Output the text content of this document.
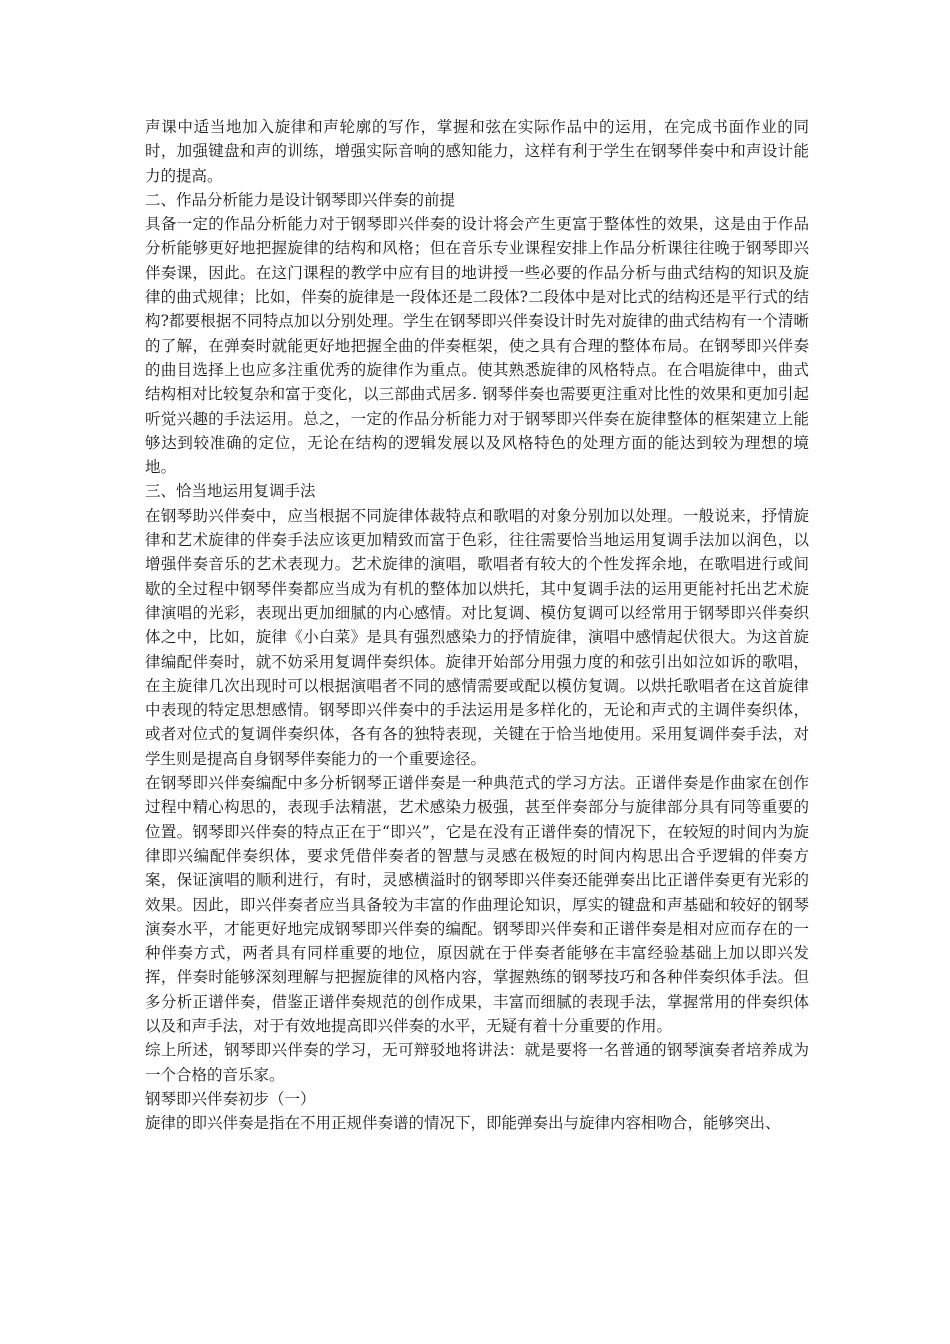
声课中适当地加入旋律和声轮廓的写作，掌握和弦在实际作品中的运用，在完成书面作业的同时，加强键盘和声的训练，增强实际音响的感知能力，这样有利于学生在钢琴伴奏中和声设计能力的提高。

二、作品分析能力是设计钢琴即兴伴奏的前提

具备一定的作品分析能力对于钢琴即兴伴奏的设计将会产生更富于整体性的效果，这是由于作品分析能够更好地把握旋律的结构和风格；但在音乐专业课程安排上作品分析课往往晚于钢琴即兴伴奏课，因此。在这门课程的教学中应有目的地讲授一些必要的作品分析与曲式结构的知识及旋律的曲式规律；比如，伴奏的旋律是一段体还是二段体?二段体中是对比式的结构还是平行式的结构?都要根据不同特点加以分别处理。学生在钢琴即兴伴奏设计时先对旋律的曲式结构有一个清晰的了解，在弹奏时就能更好地把握全曲的伴奏框架，使之具有合理的整体布局。在钢琴即兴伴奏的曲目选择上也应多注重优秀的旋律作为重点。使其熟悉旋律的风格特点。在合唱旋律中，曲式结构相对比较复杂和富于变化，以三部曲式居多. 钢琴伴奏也需要更注重对比性的效果和更加引起听觉兴趣的手法运用。总之，一定的作品分析能力对于钢琴即兴伴奏在旋律整体的框架建立上能够达到较准确的定位，无论在结构的逻辑发展以及风格特色的处理方面的能达到较为理想的境地。

三、恰当地运用复调手法

在钢琴助兴伴奏中，应当根据不同旋律体裁特点和歌唱的对象分别加以处理。一般说来，抒情旋律和艺术旋律的伴奏手法应该更加精致而富于色彩，往往需要恰当地运用复调手法加以润色，以增强伴奏音乐的艺术表现力。艺术旋律的演唱，歌唱者有较大的个性发挥余地，在歌唱进行或间歇的全过程中钢琴伴奏都应当成为有机的整体加以烘托，其中复调手法的运用更能衬托出艺术旋律演唱的光彩，表现出更加细腻的内心感情。对比复调、模仿复调可以经常用于钢琴即兴伴奏织体之中，比如，旋律《小白菜》是具有强烈感染力的抒情旋律，演唱中感情起伏很大。为这首旋律编配伴奏时，就不妨采用复调伴奏织体。旋律开始部分用强力度的和弦引出如泣如诉的歌唱，在主旋律几次出现时可以根据演唱者不同的感情需要或配以模仿复调。以烘托歌唱者在这首旋律中表现的特定思想感情。钢琴即兴伴奏中的手法运用是多样化的，无论和声式的主调伴奏织体，或者对位式的复调伴奏织体，各有各的独特表现，关键在于恰当地使用。采用复调伴奏手法，对学生则是提高自身钢琴伴奏能力的一个重要途径。

在钢琴即兴伴奏编配中多分析钢琴正谱伴奏是一种典范式的学习方法。正谱伴奏是作曲家在创作过程中精心构思的，表现手法精湛，艺术感染力极强，甚至伴奏部分与旋律部分具有同等重要的位置。钢琴即兴伴奏的特点正在于“即兴”，它是在没有正谱伴奏的情况下，在较短的时间内为旋律即兴编配伴奏织体，要求凭借伴奏者的智慧与灵感在极短的时间内构思出合乎逻辑的伴奏方案，保证演唱的顺利进行，有时，灵感横溢时的钢琴即兴伴奏还能弹奏出比正谱伴奏更有光彩的效果。因此，即兴伴奏者应当具备较为丰富的作曲理论知识，厚实的键盘和声基础和较好的钢琴演奏水平，才能更好地完成钢琴即兴伴奏的编配。钢琴即兴伴奏和正谱伴奏是相对应而存在的一种伴奏方式，两者具有同样重要的地位，原因就在于伴奏者能够在丰富经验基础上加以即兴发挥，伴奏时能够深刻理解与把握旋律的风格内容，掌握熟练的钢琴技巧和各种伴奏织体手法。但多分析正谱伴奏，借鉴正谱伴奏规范的创作成果，丰富而细腻的表现手法，掌握常用的伴奏织体以及和声手法，对于有效地提高即兴伴奏的水平，无疑有着十分重要的作用。

综上所述，钢琴即兴伴奏的学习，无可辩驳地将讲法：就是要将一名普通的钢琴演奏者培养成为一个合格的音乐家。

钢琴即兴伴奏初步（一）

旋律的即兴伴奏是指在不用正规伴奏谱的情况下，即能弹奏出与旋律内容相吻合，能够突出、
